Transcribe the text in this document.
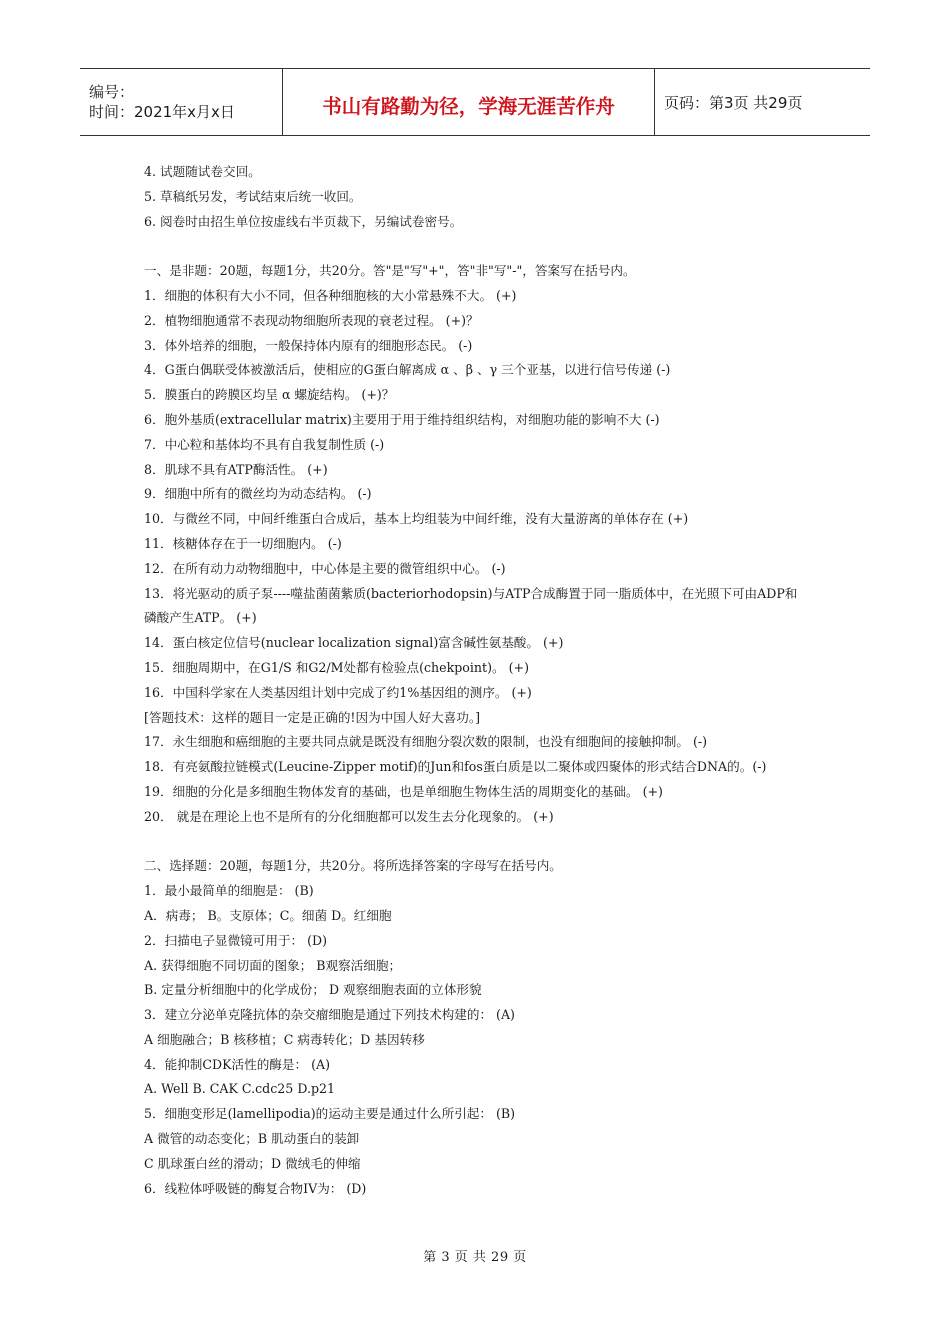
编号：
时间：2021年x月x日	书山有路勤为径，学海无涯苦作舟	页码：第3页 共29页

4. 试题随试卷交回。

5. 草稿纸另发，考试结束后统一收回。

6. 阅卷时由招生单位按虚线右半页裁下，另编试卷密号。

一、是非题：20题，每题1分，共20分。答"是"写"+"，答"非"写"-"，答案写在括号内。

1．细胞的体积有大小不同，但各种细胞核的大小常悬殊不大。 (+)

2．植物细胞通常不表现动物细胞所表现的衰老过程。 (+)？

3．体外培养的细胞，一般保持体内原有的细胞形态民。 (-)

4．G蛋白偶联受体被激活后，使相应的G蛋白解离成 α 、β 、γ 三个亚基，以进行信号传递 (-)

5．膜蛋白的跨膜区均呈 α 螺旋结构。 (+)？

6．胞外基质(extracellular matrix)主要用于用于维持组织结构，对细胞功能的影响不大 (-)

7．中心粒和基体均不具有自我复制性质 (-)

8．肌球不具有ATP酶活性。 (+)

9．细胞中所有的微丝均为动态结构。 (-)

10．与微丝不同，中间纤维蛋白合成后，基本上均组装为中间纤维，没有大量游离的单体存在 (+)

11．核糖体存在于一切细胞内。 (-)

12．在所有动力动物细胞中，中心体是主要的微管组织中心。 (-)

13．将光驱动的质子泵----噬盐菌菌紫质(bacteriorhodopsin)与ATP合成酶置于同一脂质体中，在光照下可由ADP和磷酸产生ATP。 (+)

14．蛋白核定位信号(nuclear localization signal)富含碱性氨基酸。 (+)

15．细胞周期中，在G1/S 和G2/M处都有检验点(chekpoint)。 (+)

16．中国科学家在人类基因组计划中完成了约1%基因组的测序。 (+)

[答题技术：这样的题目一定是正确的!因为中国人好大喜功。]

17．永生细胞和癌细胞的主要共同点就是既没有细胞分裂次数的限制，也没有细胞间的接触抑制。 (-)

18．有亮氨酸拉链模式(Leucine-Zipper motif)的Jun和fos蛋白质是以二聚体或四聚体的形式结合DNA的。(-)

19．细胞的分化是多细胞生物体发育的基础，也是单细胞生物体生活的周期变化的基础。 (+)

20． 就是在理论上也不是所有的分化细胞都可以发生去分化现象的。 (+)

二、选择题：20题，每题1分，共20分。将所选择答案的字母写在括号内。

1．最小最简单的细胞是： (B)

A．病毒； B。支原体；C。细菌 D。红细胞

2．扫描电子显微镜可用于： (D)

A. 获得细胞不同切面的图象； B观察活细胞；

B. 定量分析细胞中的化学成份； D 观察细胞表面的立体形貌

3．建立分泌单克隆抗体的杂交瘤细胞是通过下列技术构建的： (A)

A 细胞融合；B 核移植；C 病毒转化；D 基因转移

4．能抑制CDK活性的酶是： (A)

A. Well B. CAK C.cdc25 D.p21

5．细胞变形足(lamellipodia)的运动主要是通过什么所引起： (B)

A 微管的动态变化；B 肌动蛋白的装卸

C 肌球蛋白丝的滑动；D 微绒毛的伸缩

6．线粒体呼吸链的酶复合物IV为： (D)

第 3 页 共 29 页
